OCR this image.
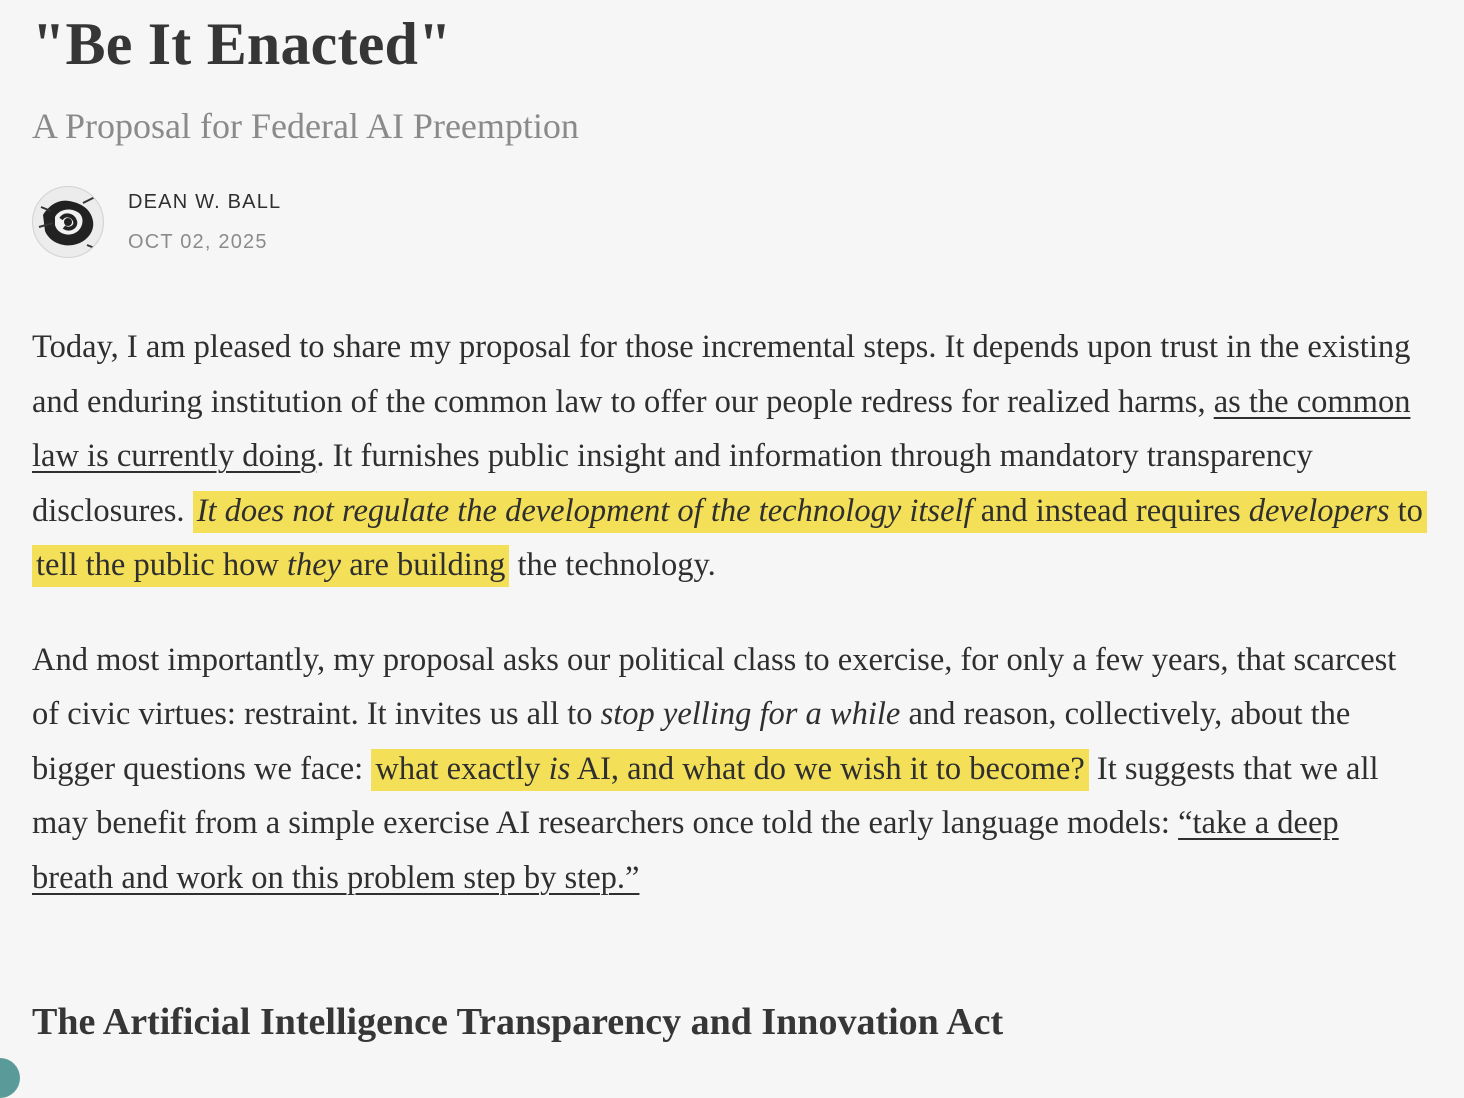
"Be It Enacted"
A Proposal for Federal AI Preemption
DEAN W. BALL
OCT 02, 2025

Today, I am pleased to share my proposal for those incremental steps. It depends upon trust in the existing and enduring institution of the common law to offer our people redress for realized harms, as the common law is currently doing. It furnishes public insight and information through mandatory transparency disclosures. It does not regulate the development of the technology itself and instead requires developers to tell the public how they are building the technology.

And most importantly, my proposal asks our political class to exercise, for only a few years, that scarcest of civic virtues: restraint. It invites us all to stop yelling for a while and reason, collectively, about the bigger questions we face: what exactly is AI, and what do we wish it to become? It suggests that we all may benefit from a simple exercise AI researchers once told the early language models: “take a deep breath and work on this problem step by step.”

The Artificial Intelligence Transparency and Innovation Act
